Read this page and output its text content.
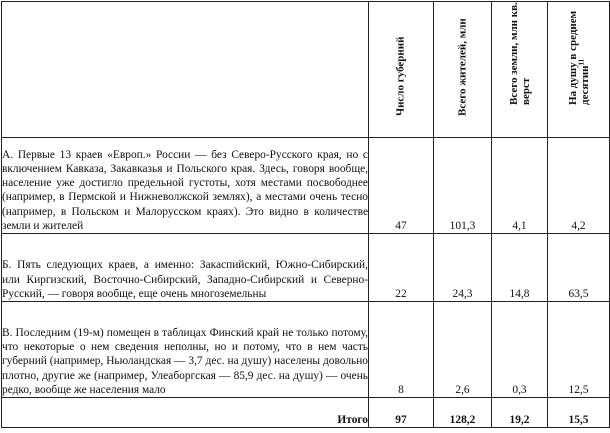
	Число губерний	Всего жителей, млн	Всего земли, млн кв. верст	На душу в среднем десятин$^{11}$

А. Первые 13 краев «Европ.» России — без Северо-Русского края, но с включением Кавказа, Закавказья и Польского края. Здесь, говоря вообще, население уже достигло предельной густоты, хотя местами посвободнее (например, в Пермской и Нижневолжской землях), а местами очень тесно (например, в Польском и Малорусском краях). Это видно в количестве земли и жителей	47	101,3	4,1	4,2
Б. Пять следующих краев, а именно: Закаспийский, Южно-Сибирский, или Киргизский, Восточно-Сибирский, Западно-Сибирский и Северно-Русский, — говоря вообще, еще очень многоземельны	22	24,3	14,8	63,5
В. Последним (19-м) помещен в таблицах Финский край не только потому, что некоторые о нем сведения неполны, но и потому, что в нем часть губерний (например, Ньюландская — 3,7 дес. на душу) населены довольно плотно, другие же (например, Улеаборгская — 85,9 дес. на душу) — очень редко, вообще же населения мало	8	2,6	0,3	12,5
Итого	97	128,2	19,2	15,5
